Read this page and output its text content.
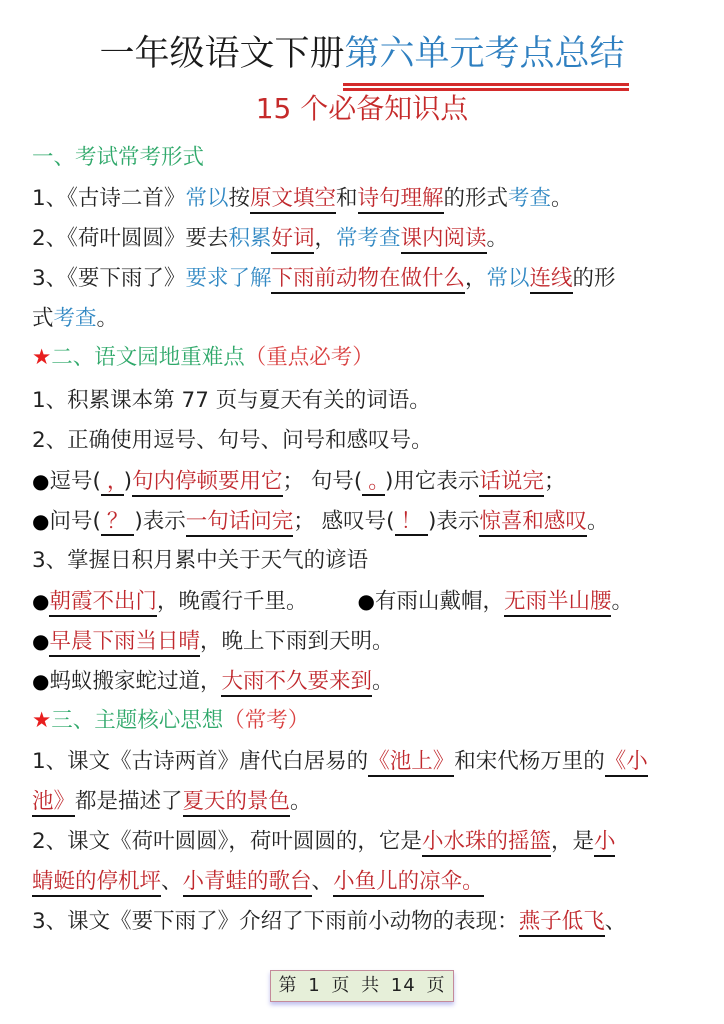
一年级语文下册第六单元考点总结
15 个必备知识点
一、考试常考形式
1、《古诗二首》常以按原文填空和诗句理解的形式考查。
2、《荷叶圆圆》要去积累好词，常考查课内阅读。
3、《要下雨了》要求了解下雨前动物在做什么，常以连线的形
式考查。
★二、语文园地重难点（重点必考）
1、积累课本第 77 页与夏天有关的词语。
2、正确使用逗号、句号、问号和感叹号。
●逗号( ， )句内停顿要用它； 句号( 。 )用它表示话说完；
●问号( ？ )表示一句话问完； 感叹号( ！ )表示惊喜和感叹。
3、掌握日积月累中关于天气的谚语
●朝霞不出门，晚霞行千里。	●有雨山戴帽，无雨半山腰。
●早晨下雨当日晴，晚上下雨到天明。
●蚂蚁搬家蛇过道，大雨不久要来到。
★三、主题核心思想（常考）
1、课文《古诗两首》唐代白居易的《池上》和宋代杨万里的《小
池》都是描述了夏天的景色。
2、课文《荷叶圆圆》，荷叶圆圆的，它是小水珠的摇篮，是小
蜻蜓的停机坪、小青蛙的歌台、小鱼儿的凉伞。
3、课文《要下雨了》介绍了下雨前小动物的表现：燕子低飞、
第 1 页 共 14 页
